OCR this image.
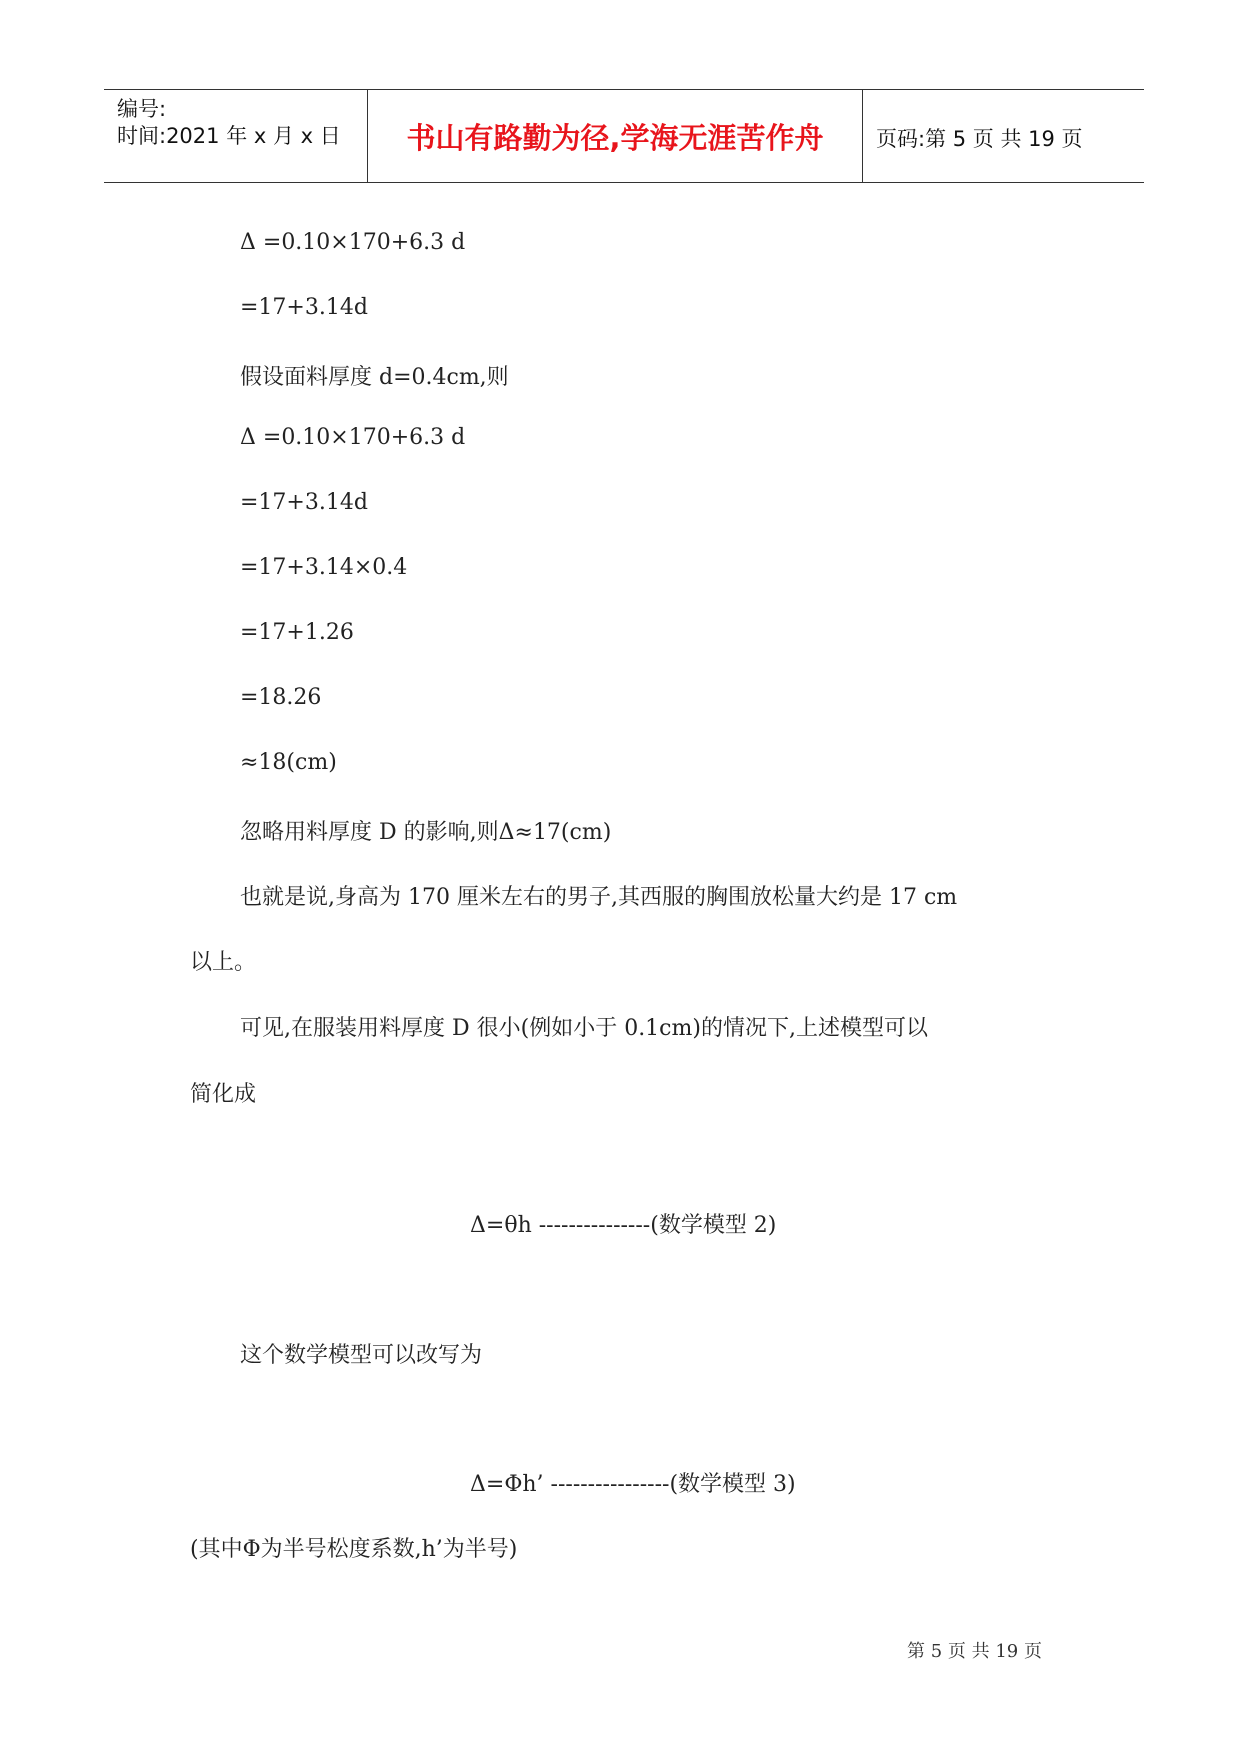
编号:
时间:2021 年 x 月 x 日 书山有路勤为径,学海无涯苦作舟 页码:第 5 页 共 19 页
Δ =0.10×170+6.3 d
=17+3.14d
假设面料厚度 d=0.4cm,则
Δ =0.10×170+6.3 d
=17+3.14d
=17+3.14×0.4
=17+1.26
=18.26
≈18(cm)
忽略用料厚度 D 的影响,则Δ≈17(cm)
也就是说,身高为 170 厘米左右的男子,其西服的胸围放松量大约是 17 cm
以上。
可见,在服装用料厚度 D 很小(例如小于 0.1cm)的情况下,上述模型可以
简化成
Δ=θh ---------------(数学模型 2)
这个数学模型可以改写为
Δ=Φh’ ----------------(数学模型 3)
(其中Φ为半号松度系数,h’为半号)
第 5 页 共 19 页
